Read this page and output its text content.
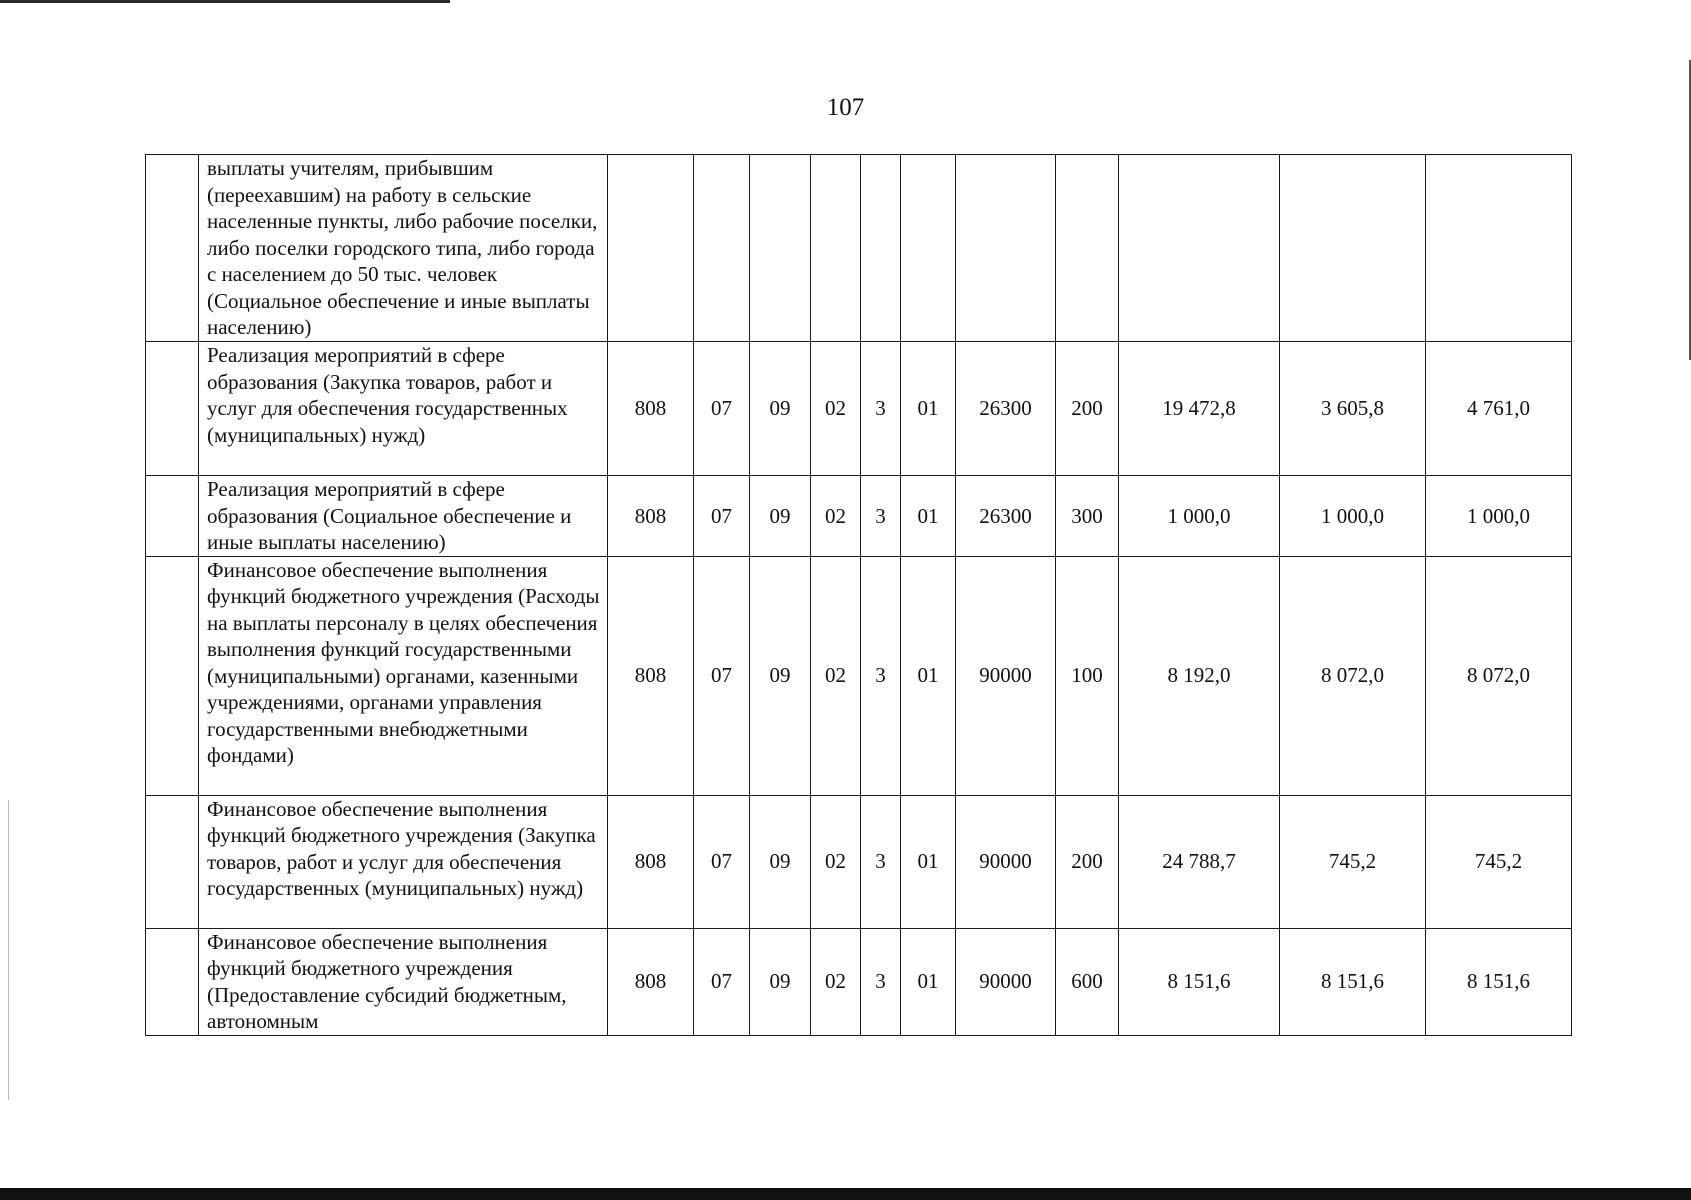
107
	выплаты учителям, прибывшим (переехавшим) на работу в сельские населенные пункты, либо рабочие поселки, либо поселки городского типа, либо города с населением до 50 тыс. человек (Социальное обеспечение и иные выплаты населению)											
	Реализация мероприятий в сфере образования (Закупка товаров, работ и услуг для обеспечения государственных (муниципальных) нужд)	808	07	09	02	3	01	26300	200	19 472,8	3 605,8	4 761,0
	Реализация мероприятий в сфере образования (Социальное обеспечение и иные выплаты населению)	808	07	09	02	3	01	26300	300	1 000,0	1 000,0	1 000,0
	Финансовое обеспечение выполнения функций бюджетного учреждения (Расходы на выплаты персоналу в целях обеспечения выполнения функций государственными (муниципальными) органами, казенными учреждениями, органами управления государственными внебюджетными фондами)	808	07	09	02	3	01	90000	100	8 192,0	8 072,0	8 072,0
	Финансовое обеспечение выполнения функций бюджетного учреждения (Закупка товаров, работ и услуг для обеспечения государственных (муниципальных) нужд)	808	07	09	02	3	01	90000	200	24 788,7	745,2	745,2
	Финансовое обеспечение выполнения функций бюджетного учреждения (Предоставление субсидий бюджетным, автономным	808	07	09	02	3	01	90000	600	8 151,6	8 151,6	8 151,6
